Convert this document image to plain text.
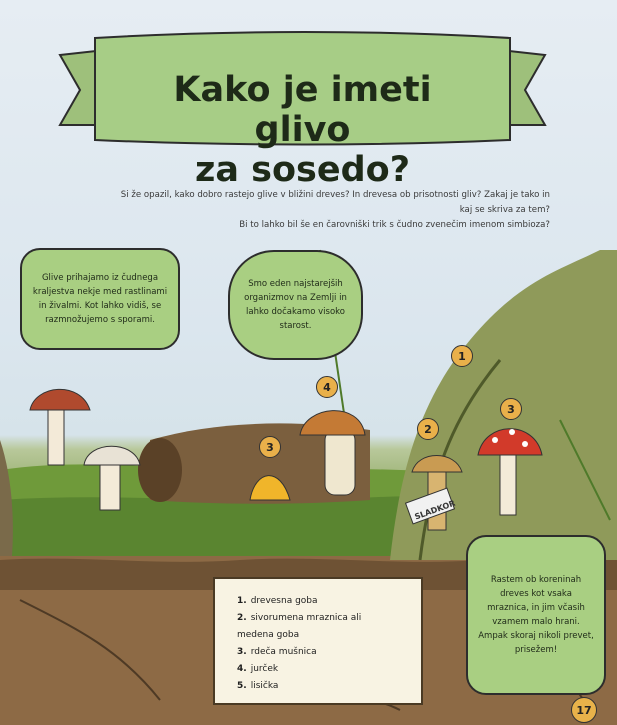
SLADKOR
Kako je imeti glivo
za sosedo?
Si že opazil, kako dobro rastejo glive v bližini dreves? In drevesa ob prisotnosti gliv? Zakaj je tako in kaj se skriva za tem?
Bi to lahko bil še en čarovniški trik s čudno zvenečim imenom simbioza?
Glive prihajamo iz čudnega kraljestva nekje med rastlinami in živalmi. Kot lahko vidiš, se razmnožujemo s sporami.
Smo eden najstarejših organizmov na Zemlji in lahko dočakamo visoko starost.
Rastem ob koreninah dreves kot vsaka mraznica, in jim včasih vzamem malo hrani. Ampak skoraj nikoli prevet, prisežem!
1
2
3
3
4
1. drevesna goba
2. sivorumena mraznica ali medena goba
3. rdeča mušnica
4. jurček
5. lisička
17
